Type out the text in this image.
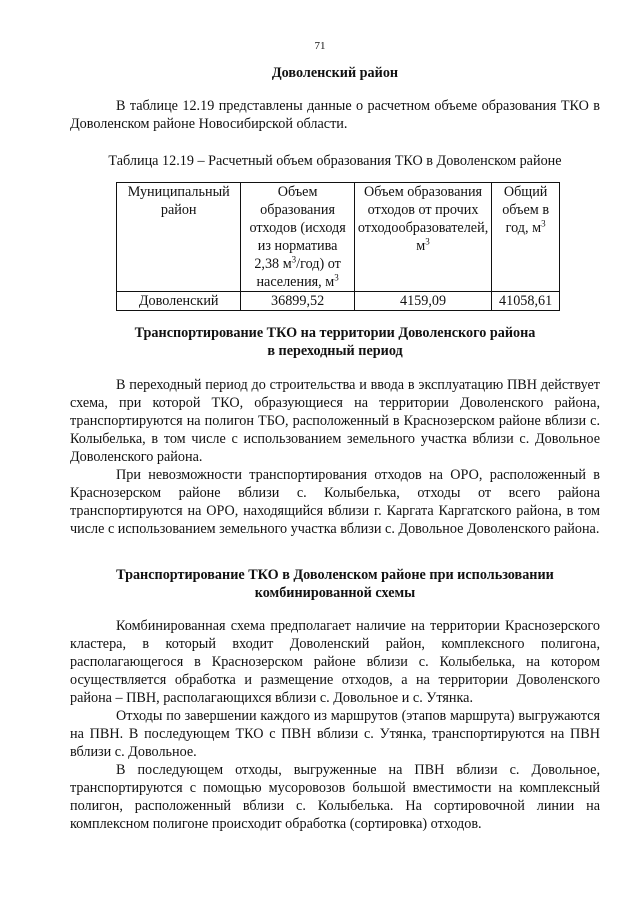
71
Доволенский район

В таблице 12.19 представлены данные о расчетном объеме образования ТКО в Доволенском районе Новосибирской области.

Таблица 12.19 – Расчетный объем образования ТКО в Доволенском районе

Муниципальный район	Объем образования отходов (исходя из норматива 2,38 $м^3/год$) от населения, $м^3$	Объем образования отходов от прочих отходообразователей, $м^3$	Общий объем в год, $м^3$
Доволенский	36899,52	4159,09	41058,61
Транспортирование ТКО на территории Доволенского района
в переходный период

В переходный период до строительства и ввода в эксплуатацию ПВН действует схема, при которой ТКО, образующиеся на территории Доволенского района, транспортируются на полигон ТБО, расположенный в Краснозерском районе вблизи с. Колыбелька, в том числе с использованием земельного участка вблизи с. Довольное Доволенского района.

При невозможности транспортирования отходов на ОРО, расположенный в Краснозерском районе вблизи с. Колыбелька, отходы от всего района транспортируются на ОРО, находящийся вблизи г. Каргата Каргатского района, в том числе с использованием земельного участка вблизи с. Довольное Доволенского района.

Транспортирование ТКО в Доволенском районе при использовании
комбинированной схемы

Комбинированная схема предполагает наличие на территории Краснозерского кластера, в который входит Доволенский район, комплексного полигона, располагающегося в Краснозерском районе вблизи с. Колыбелька, на котором осуществляется обработка и размещение отходов, а на территории Доволенского района – ПВН, располагающихся вблизи с. Довольное и с. Утянка.

Отходы по завершении каждого из маршрутов (этапов маршрута) выгружаются на ПВН. В последующем ТКО с ПВН вблизи с. Утянка, транспортируются на ПВН вблизи с. Довольное.

В последующем отходы, выгруженные на ПВН вблизи с. Довольное, транспортируются с помощью мусоровозов большой вместимости на комплексный полигон, расположенный вблизи с. Колыбелька. На сортировочной линии на комплексном полигоне происходит обработка (сортировка) отходов.
